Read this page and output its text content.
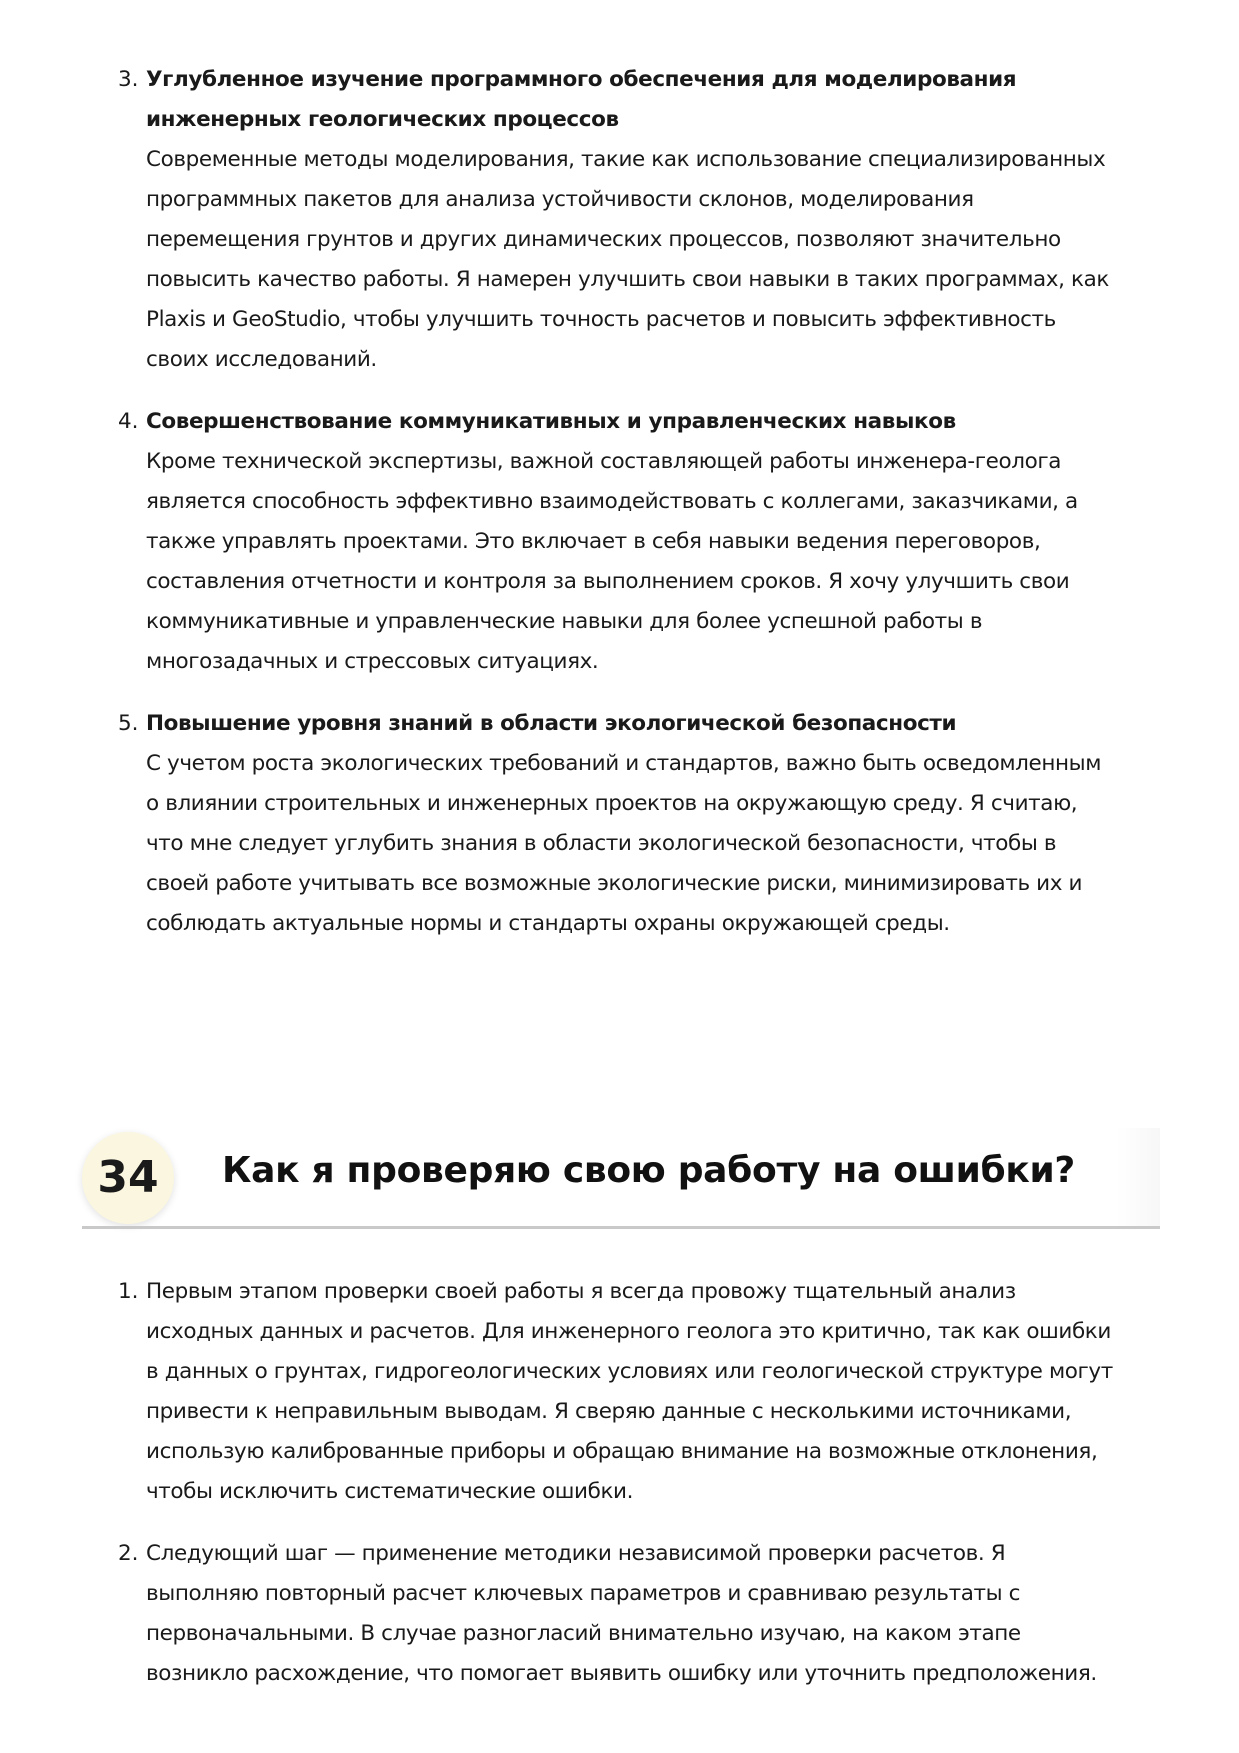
3. Углубленное изучение программного обеспечения для моделирования
инженерных геологических процессов
Современные методы моделирования, такие как использование специализированных
программных пакетов для анализа устойчивости склонов, моделирования
перемещения грунтов и других динамических процессов, позволяют значительно
повысить качество работы. Я намерен улучшить свои навыки в таких программах, как
Plaxis и GeoStudio, чтобы улучшить точность расчетов и повысить эффективность
своих исследований.
4. Совершенствование коммуникативных и управленческих навыков
Кроме технической экспертизы, важной составляющей работы инженера-геолога
является способность эффективно взаимодействовать с коллегами, заказчиками, а
также управлять проектами. Это включает в себя навыки ведения переговоров,
составления отчетности и контроля за выполнением сроков. Я хочу улучшить свои
коммуникативные и управленческие навыки для более успешной работы в
многозадачных и стрессовых ситуациях.
5. Повышение уровня знаний в области экологической безопасности
С учетом роста экологических требований и стандартов, важно быть осведомленным
о влиянии строительных и инженерных проектов на окружающую среду. Я считаю,
что мне следует углубить знания в области экологической безопасности, чтобы в
своей работе учитывать все возможные экологические риски, минимизировать их и
соблюдать актуальные нормы и стандарты охраны окружающей среды.
34	Как я проверяю свою работу на ошибки?
1. Первым этапом проверки своей работы я всегда провожу тщательный анализ
исходных данных и расчетов. Для инженерного геолога это критично, так как ошибки
в данных о грунтах, гидрогеологических условиях или геологической структуре могут
привести к неправильным выводам. Я сверяю данные с несколькими источниками,
использую калиброванные приборы и обращаю внимание на возможные отклонения,
чтобы исключить систематические ошибки.
2. Следующий шаг — применение методики независимой проверки расчетов. Я
выполняю повторный расчет ключевых параметров и сравниваю результаты с
первоначальными. В случае разногласий внимательно изучаю, на каком этапе
возникло расхождение, что помогает выявить ошибку или уточнить предположения.
